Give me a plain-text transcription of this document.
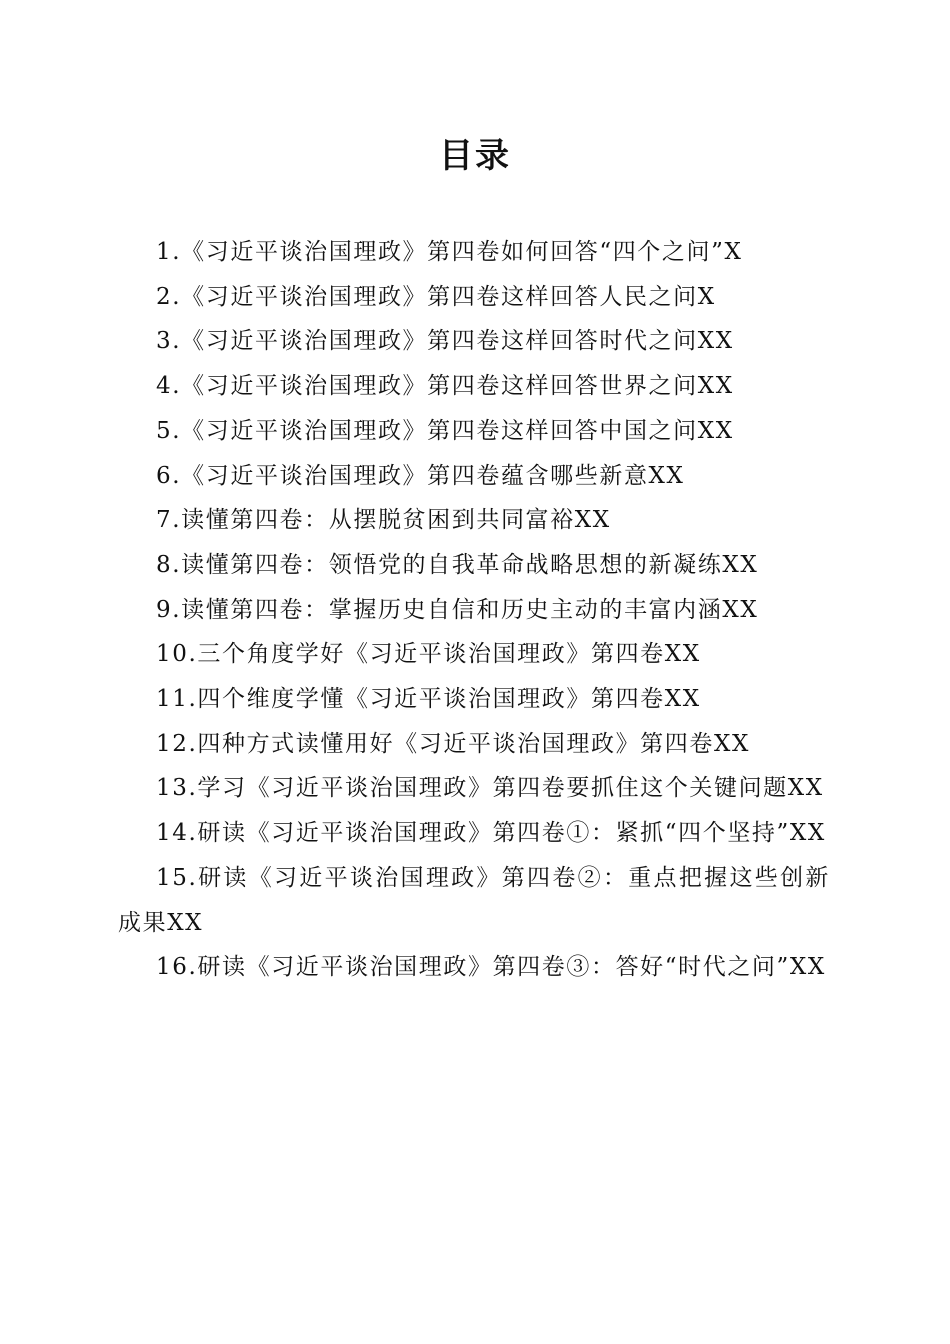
目录
1.《习近平谈治国理政》第四卷如何回答“四个之问”X
2.《习近平谈治国理政》第四卷这样回答人民之问X
3.《习近平谈治国理政》第四卷这样回答时代之问XX
4.《习近平谈治国理政》第四卷这样回答世界之问XX
5.《习近平谈治国理政》第四卷这样回答中国之问XX
6.《习近平谈治国理政》第四卷蕴含哪些新意XX
7.读懂第四卷：从摆脱贫困到共同富裕XX
8.读懂第四卷：领悟党的自我革命战略思想的新凝练XX
9.读懂第四卷：掌握历史自信和历史主动的丰富内涵XX
10.三个角度学好《习近平谈治国理政》第四卷XX
11.四个维度学懂《习近平谈治国理政》第四卷XX
12.四种方式读懂用好《习近平谈治国理政》第四卷XX
13.学习《习近平谈治国理政》第四卷要抓住这个关键问题XX
14.研读《习近平谈治国理政》第四卷①：紧抓“四个坚持”XX
15.研读《习近平谈治国理政》第四卷②：重点把握这些创新成果XX
16.研读《习近平谈治国理政》第四卷③：答好“时代之问”XX
